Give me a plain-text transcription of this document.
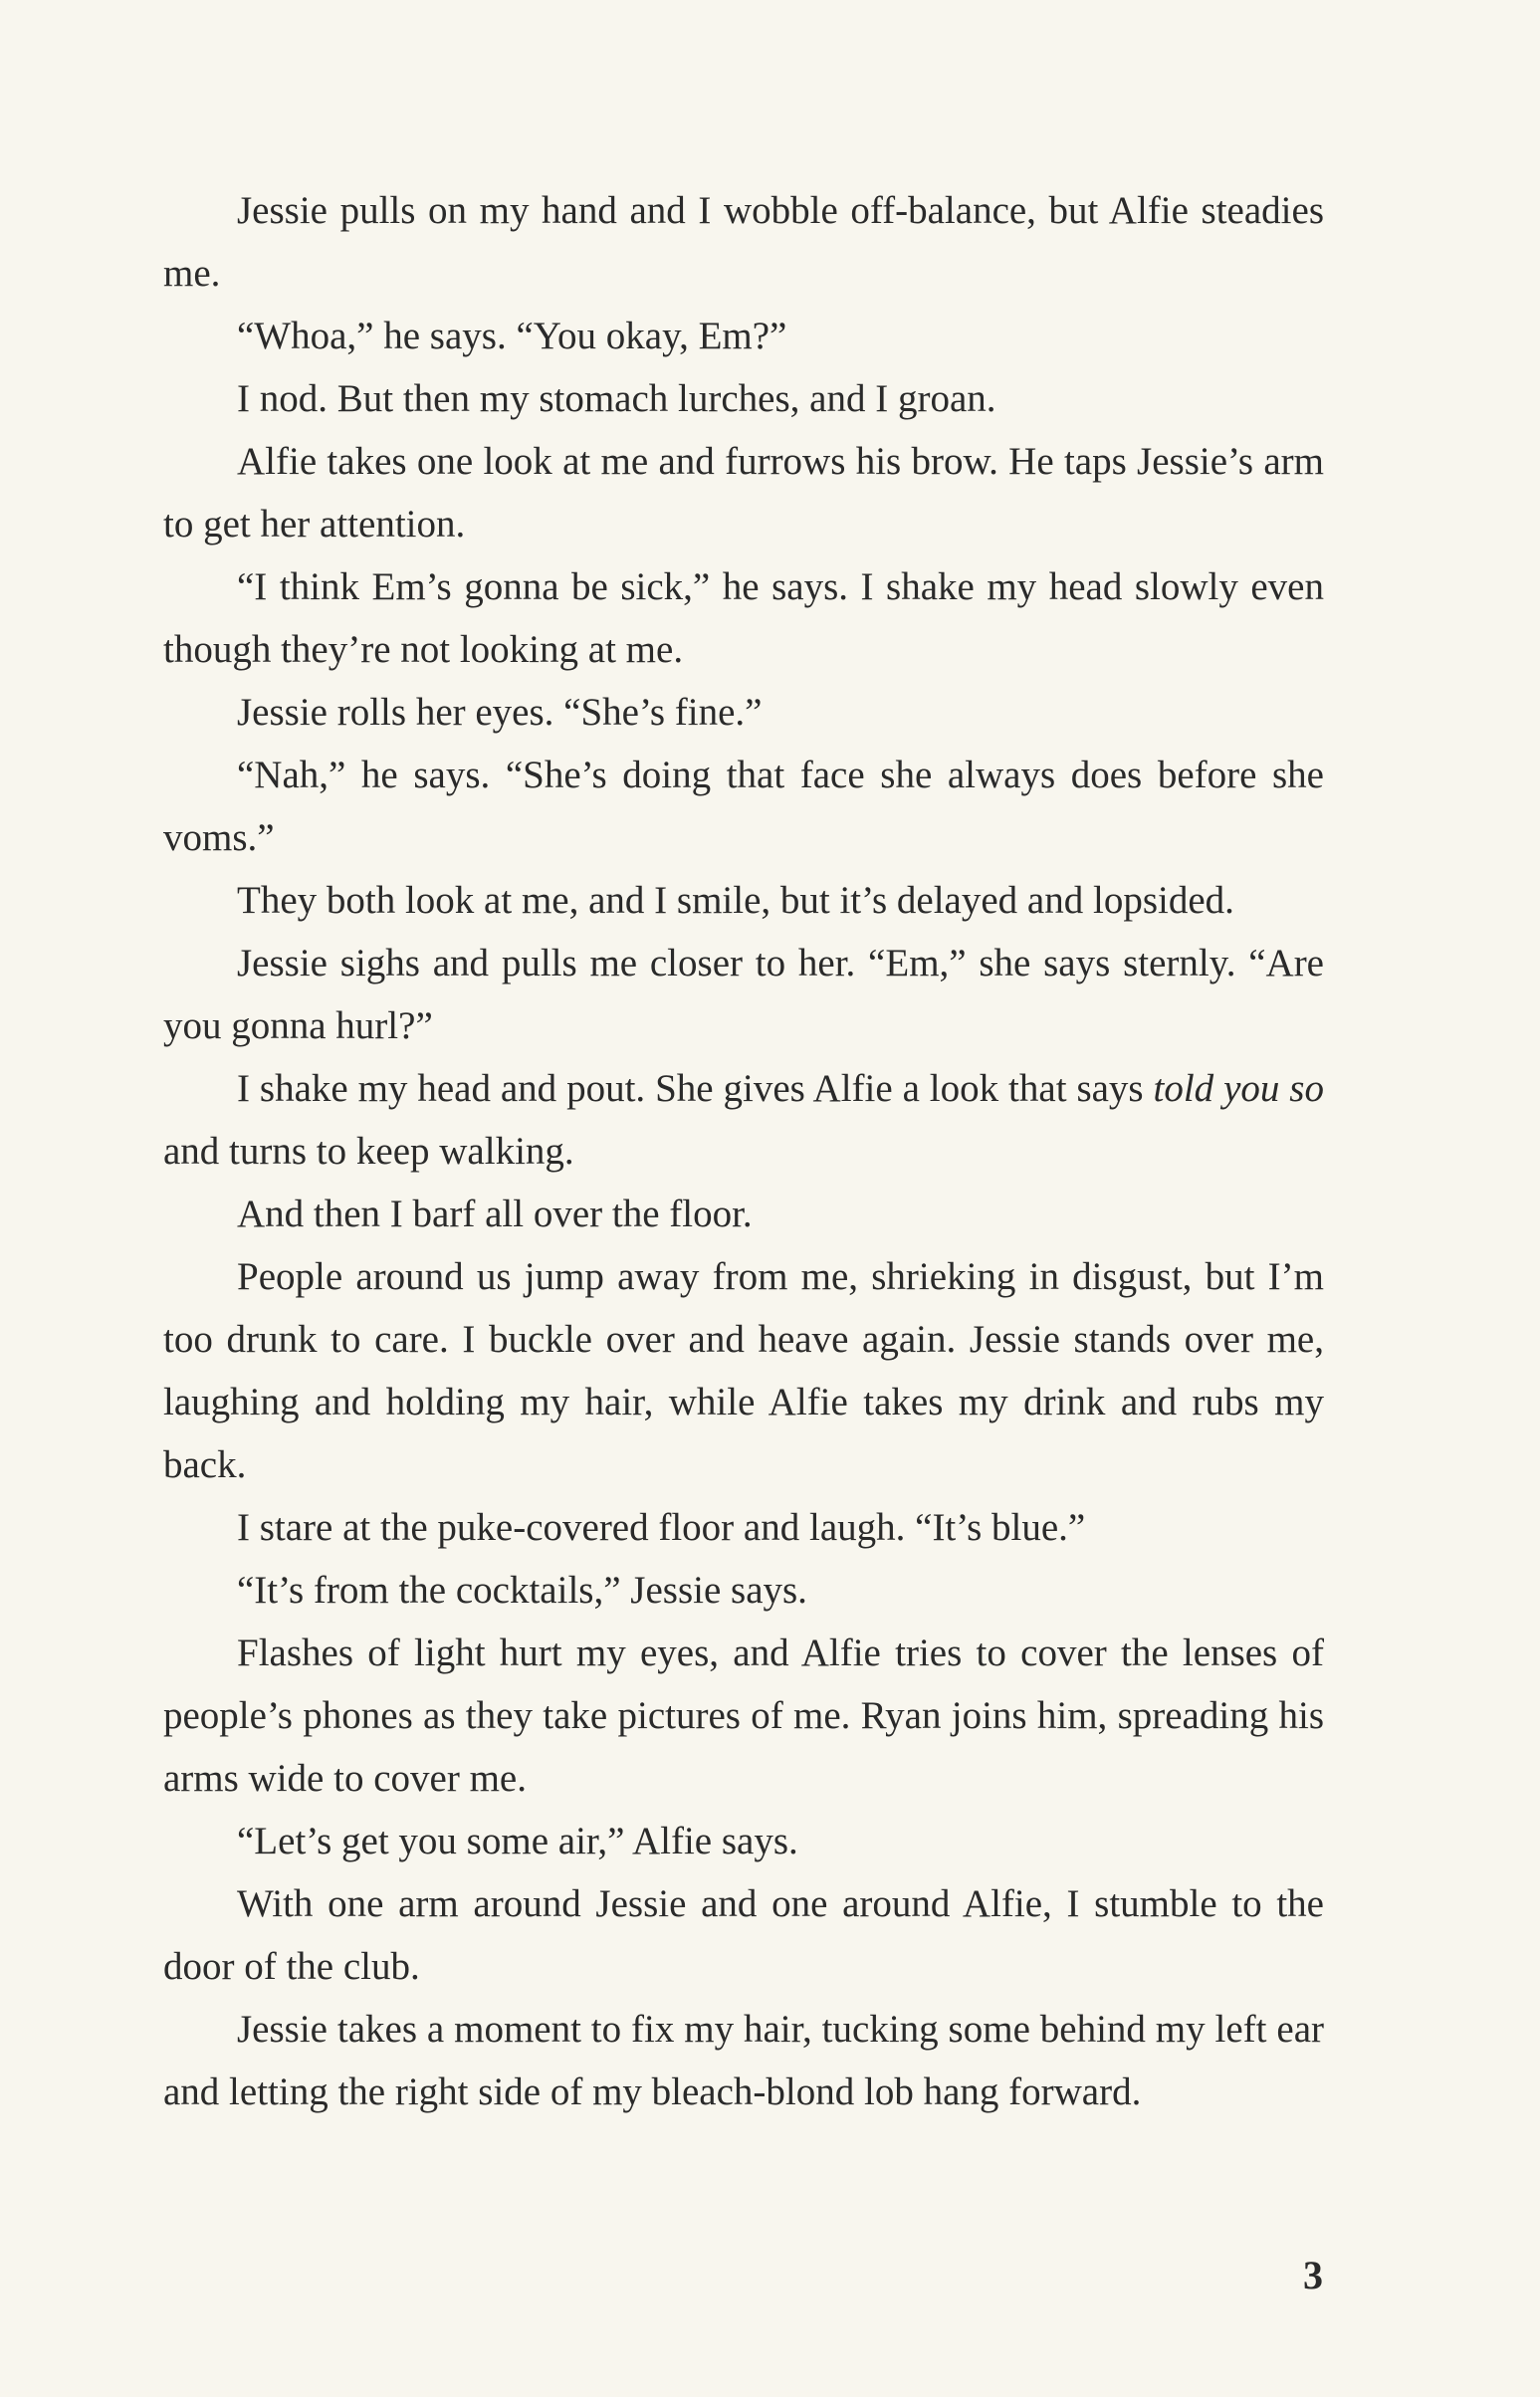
Jessie pulls on my hand and I wobble off-balance, but Alfie steadies me.

“Whoa,” he says. “You okay, Em?”

I nod. But then my stomach lurches, and I groan.

Alfie takes one look at me and furrows his brow. He taps Jessie’s arm to get her attention.

“I think Em’s gonna be sick,” he says. I shake my head slowly even though they’re not looking at me.

Jessie rolls her eyes. “She’s fine.”

“Nah,” he says. “She’s doing that face she always does before she voms.”

They both look at me, and I smile, but it’s delayed and lopsided.

Jessie sighs and pulls me closer to her. “Em,” she says sternly. “Are you gonna hurl?”

I shake my head and pout. She gives Alfie a look that says told you so and turns to keep walking.

And then I barf all over the floor.

People around us jump away from me, shrieking in disgust, but I’m too drunk to care. I buckle over and heave again. Jessie stands over me, laughing and holding my hair, while Alfie takes my drink and rubs my back.

I stare at the puke-covered floor and laugh. “It’s blue.”

“It’s from the cocktails,” Jessie says.

Flashes of light hurt my eyes, and Alfie tries to cover the lenses of people’s phones as they take pictures of me. Ryan joins him, spreading his arms wide to cover me.

“Let’s get you some air,” Alfie says.

With one arm around Jessie and one around Alfie, I stumble to the door of the club.

Jessie takes a moment to fix my hair, tucking some behind my left ear and letting the right side of my bleach-blond lob hang forward.

3
